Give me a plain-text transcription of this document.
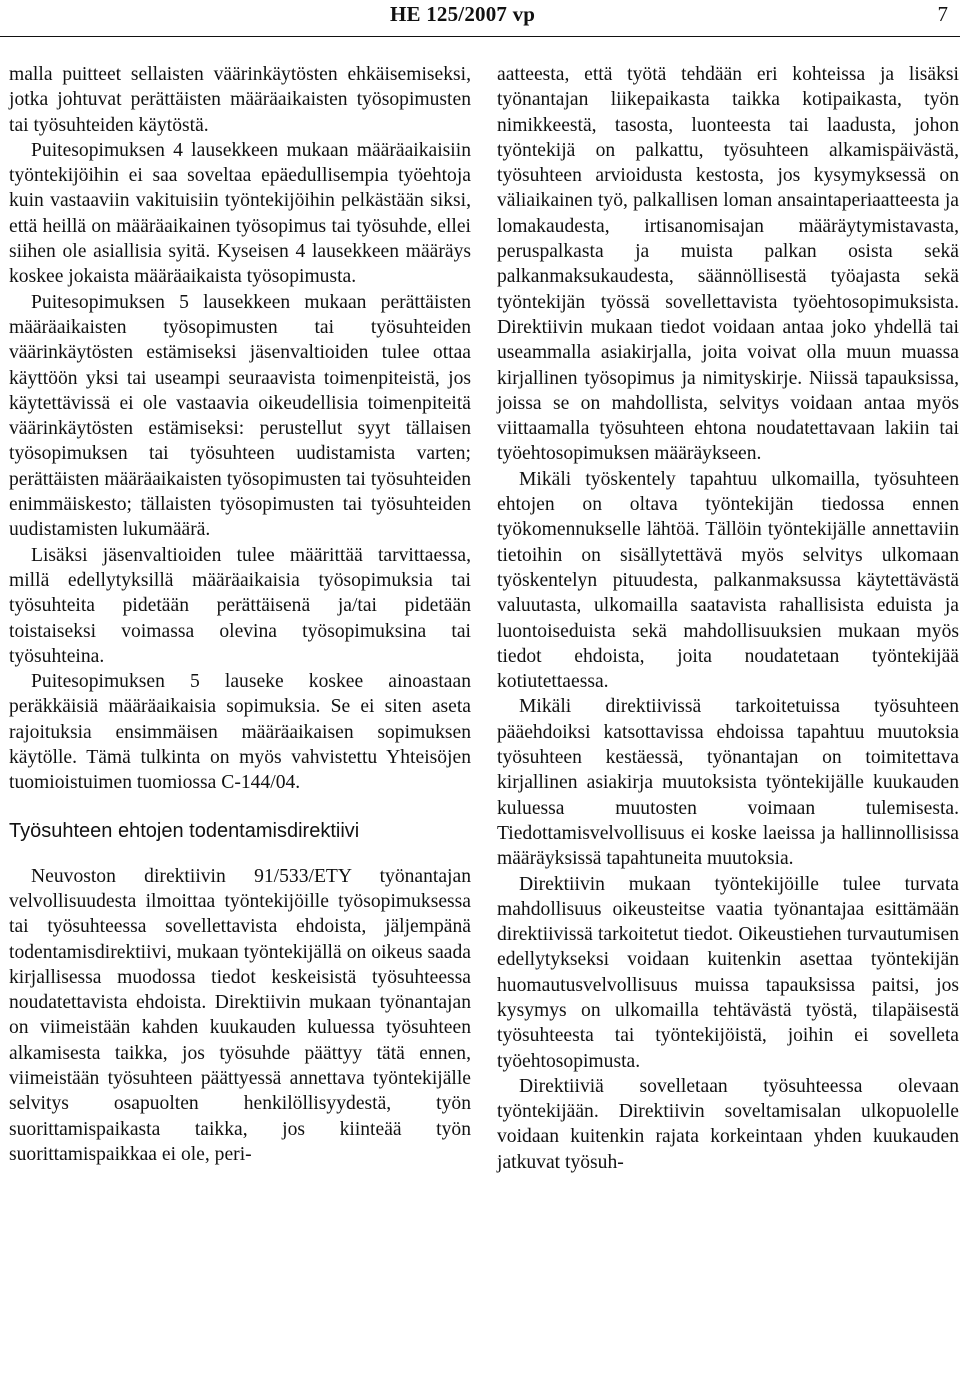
HE 125/2007 vp	7

malla puitteet sellaisten väärinkäytösten ehkäisemiseksi, jotka johtuvat perättäisten määräaikaisten työsopimusten tai työsuhteiden käytöstä.

Puitesopimuksen 4 lausekkeen mukaan määräaikaisiin työntekijöihin ei saa soveltaa epäedullisempia työehtoja kuin vastaaviin vakituisiin työntekijöihin pelkästään siksi, että heillä on määräaikainen työsopimus tai työsuhde, ellei siihen ole asiallisia syitä. Kyseisen 4 lausekkeen määräys koskee jokaista määräaikaista työsopimusta.

Puitesopimuksen 5 lausekkeen mukaan perättäisten määräaikaisten työsopimusten tai työsuhteiden väärinkäytösten estämiseksi jäsenvaltioiden tulee ottaa käyttöön yksi tai useampi seuraavista toimenpiteistä, jos käytettävissä ei ole vastaavia oikeudellisia toimenpiteitä väärinkäytösten estämiseksi: perustellut syyt tällaisen työsopimuksen tai työsuhteen uudistamista varten; perättäisten määräaikaisten työsopimusten tai työsuhteiden enimmäiskesto; tällaisten työsopimusten tai työsuhteiden uudistamisten lukumäärä.

Lisäksi jäsenvaltioiden tulee määrittää tarvittaessa, millä edellytyksillä määräaikaisia työsopimuksia tai työsuhteita pidetään perättäisenä ja/tai pidetään toistaiseksi voimassa olevina työsopimuksina tai työsuhteina.

Puitesopimuksen 5 lauseke koskee ainoastaan peräkkäisiä määräaikaisia sopimuksia. Se ei siten aseta rajoituksia ensimmäisen määräaikaisen sopimuksen käytölle. Tämä tulkinta on myös vahvistettu Yhteisöjen tuomioistuimen tuomiossa C-144/04.

Työsuhteen ehtojen todentamisdirektiivi

Neuvoston direktiivin 91/533/ETY työnantajan velvollisuudesta ilmoittaa työntekijöille työsopimuksessa tai työsuhteessa sovellettavista ehdoista, jäljempänä todentamisdirektiivi, mukaan työntekijällä on oikeus saada kirjallisessa muodossa tiedot keskeisistä työsuhteessa noudatettavista ehdoista. Direktiivin mukaan työnantajan on viimeistään kahden kuukauden kuluessa työsuhteen alkamisesta taikka, jos työsuhde päättyy tätä ennen, viimeistään työsuhteen päättyessä annettava työntekijälle selvitys osapuolten henkilöllisyydestä, työn suorittamispaikasta taikka, jos kiinteää työn suorittamispaikkaa ei ole, peri-

aatteesta, että työtä tehdään eri kohteissa ja lisäksi työnantajan liikepaikasta taikka kotipaikasta, työn nimikkeestä, tasosta, luonteesta tai laadusta, johon työntekijä on palkattu, työsuhteen alkamispäivästä, työsuhteen arvioidusta kestosta, jos kysymyksessä on väliaikainen työ, palkallisen loman ansaintaperiaatteesta ja lomakaudesta, irtisanomisajan määräytymistavasta, peruspalkasta ja muista palkan osista sekä palkanmaksukaudesta, säännöllisestä työajasta sekä työntekijän työssä sovellettavista työehtosopimuksista. Direktiivin mukaan tiedot voidaan antaa joko yhdellä tai useammalla asiakirjalla, joita voivat olla muun muassa kirjallinen työsopimus ja nimityskirje. Niissä tapauksissa, joissa se on mahdollista, selvitys voidaan antaa myös viittaamalla työsuhteen ehtona noudatettavaan lakiin tai työehtosopimuksen määräykseen.

Mikäli työskentely tapahtuu ulkomailla, työsuhteen ehtojen on oltava työntekijän tiedossa ennen työkomennukselle lähtöä. Tällöin työntekijälle annettaviin tietoihin on sisällytettävä myös selvitys ulkomaan työskentelyn pituudesta, palkanmaksussa käytettävästä valuutasta, ulkomailla saatavista rahallisista eduista ja luontoiseduista sekä mahdollisuuksien mukaan myös tiedot ehdoista, joita noudatetaan työntekijää kotiutettaessa.

Mikäli direktiivissä tarkoitetuissa työsuhteen pääehdoiksi katsottavissa ehdoissa tapahtuu muutoksia työsuhteen kestäessä, työnantajan on toimitettava kirjallinen asiakirja muutoksista työntekijälle kuukauden kuluessa muutosten voimaan tulemisesta. Tiedottamisvelvollisuus ei koske laeissa ja hallinnollisissa määräyksissä tapahtuneita muutoksia.

Direktiivin mukaan työntekijöille tulee turvata mahdollisuus oikeusteitse vaatia työnantajaa esittämään direktiivissä tarkoitetut tiedot. Oikeustiehen turvautumisen edellytykseksi voidaan kuitenkin asettaa työntekijän huomautusvelvollisuus muissa tapauksissa paitsi, jos kysymys on ulkomailla tehtävästä työstä, tilapäisestä työsuhteesta tai työntekijöistä, joihin ei sovelleta työehtosopimusta.

Direktiiviä sovelletaan työsuhteessa olevaan työntekijään. Direktiivin soveltamisalan ulkopuolelle voidaan kuitenkin rajata korkeintaan yhden kuukauden jatkuvat työsuh-
